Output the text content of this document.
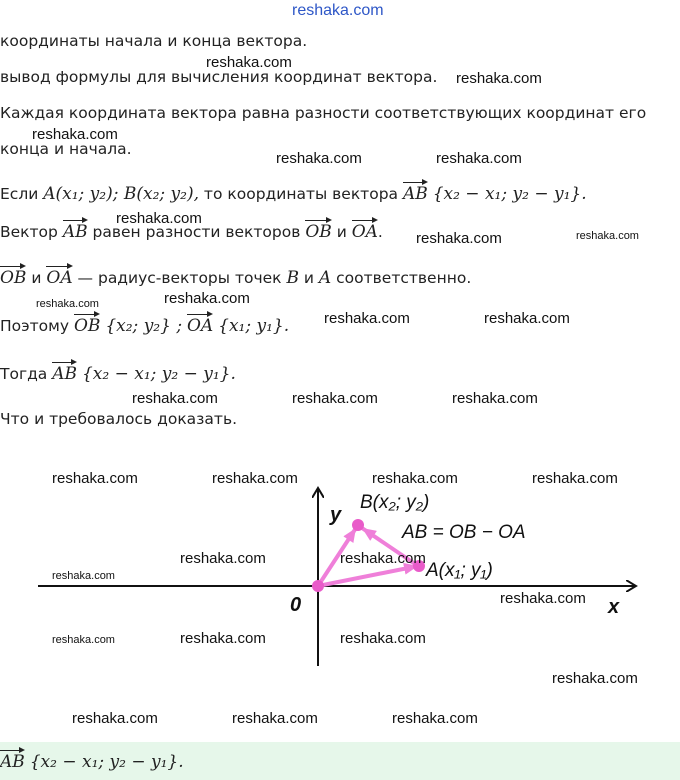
reshaka.com
координаты начала и конца вектора.
вывод формулы для вычисления координат вектора.
Каждая координата вектора равна разности соответствующих координат его
конца и начала.
Если A(x₁; y₂); B(x₂; y₂), то координаты вектора AB {x₂ − x₁; y₂ − y₁}.
Вектор AB равен разности векторов OB и OA.
OB и OA — радиус-векторы точек B и A соответственно.
Поэтому OB {x₂; y₂} ; OA {x₁; y₁}.
Тогда AB {x₂ − x₁; y₂ − y₁}.
Что и требовалось доказать.
y
x
0
B(x₂; y₂)
A(x₁; y₁)
AB = OB − OA
AB {x₂ − x₁; y₂ − y₁}.
reshaka.com
reshaka.com
reshaka.com
reshaka.com	reshaka.com
reshaka.com
reshaka.com	reshaka.com
reshaka.com	reshaka.com
reshaka.com	reshaka.com
reshaka.com	reshaka.com	reshaka.com
reshaka.com	reshaka.com	reshaka.com	reshaka.com
reshaka.com	reshaka.com
reshaka.com
reshaka.com
reshaka.com	reshaka.com	reshaka.com
reshaka.com
reshaka.com	reshaka.com	reshaka.com
